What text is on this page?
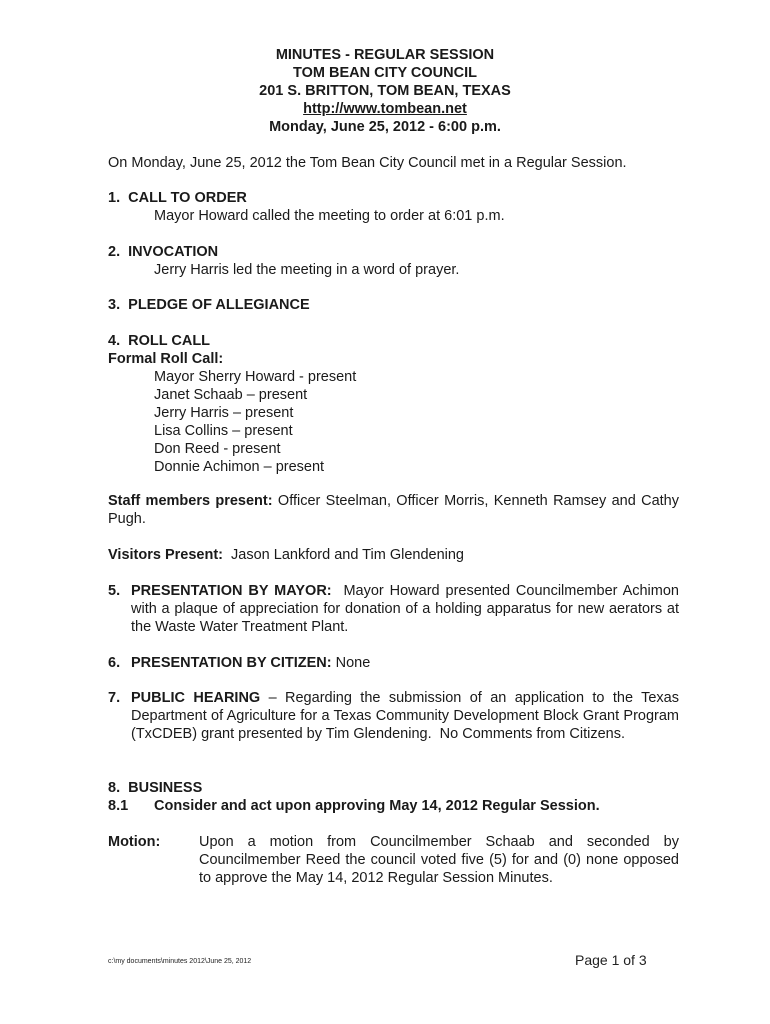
MINUTES - REGULAR SESSION
TOM BEAN CITY COUNCIL
201 S. BRITTON, TOM BEAN, TEXAS
http://www.tombean.net
Monday, June 25, 2012 - 6:00 p.m.
On Monday, June 25, 2012 the Tom Bean City Council met in a Regular Session.
1.  CALL TO ORDER
Mayor Howard called the meeting to order at 6:01 p.m.
2.  INVOCATION
Jerry Harris led the meeting in a word of prayer.
3.  PLEDGE OF ALLEGIANCE
4.  ROLL CALL
Formal Roll Call:
Mayor Sherry Howard - present
Janet Schaab – present
Jerry Harris – present
Lisa Collins – present
Don Reed - present
Donnie Achimon – present
Staff members present: Officer Steelman, Officer Morris, Kenneth Ramsey and Cathy Pugh.
Visitors Present:  Jason Lankford and Tim Glendening
5. PRESENTATION BY MAYOR:  Mayor Howard presented Councilmember Achimon with a plaque of appreciation for donation of a holding apparatus for new aerators at the Waste Water Treatment Plant.
6. PRESENTATION BY CITIZEN: None
7. PUBLIC HEARING – Regarding the submission of an application to the Texas Department of Agriculture for a Texas Community Development Block Grant Program (TxCDEB) grant presented by Tim Glendening.  No Comments from Citizens.
8.  BUSINESS
8.1 Consider and act upon approving May 14, 2012 Regular Session.
Motion:	Upon a motion from Councilmember Schaab and seconded by Councilmember Reed the council voted five (5) for and (0) none opposed to approve the May 14, 2012 Regular Session Minutes.
c:\my documents\minutes 2012\June 25, 2012	Page 1 of 3
